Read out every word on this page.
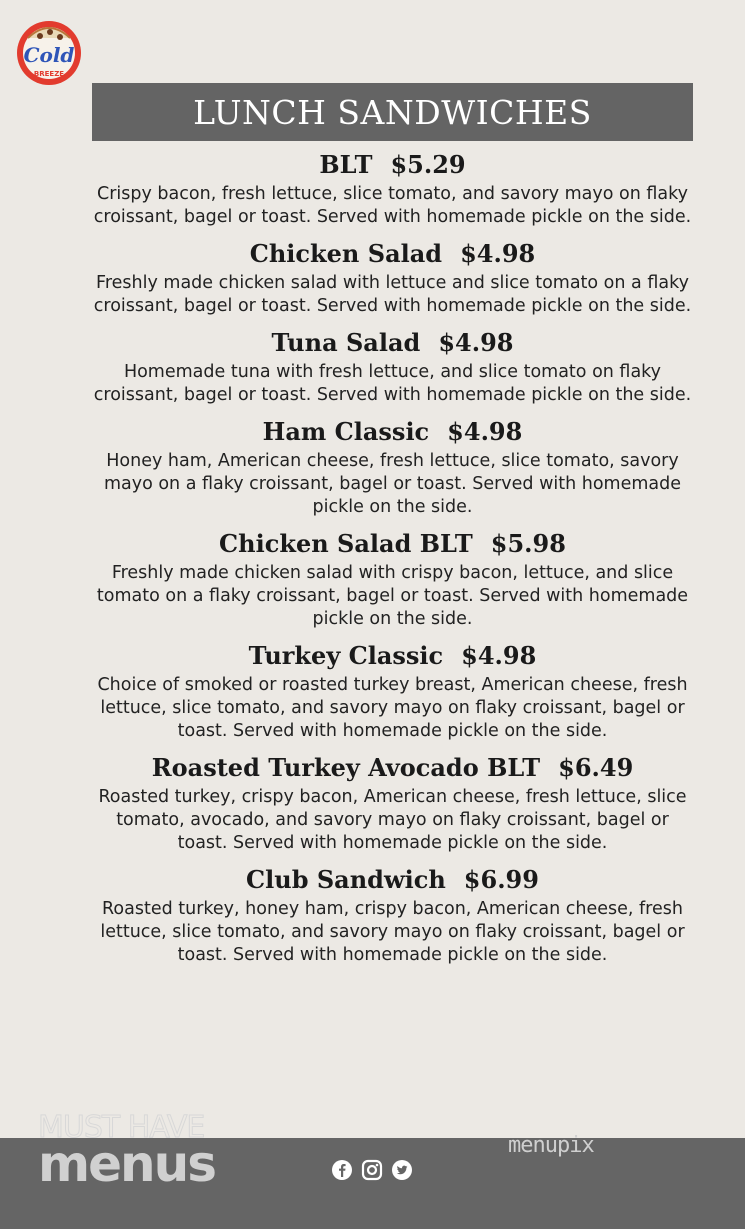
Cold
BREEZE
LUNCH SANDWICHES
BLT $5.29
Crispy bacon, fresh lettuce, slice tomato, and savory mayo on flaky croissant, bagel or toast. Served with homemade pickle on the side.
Chicken Salad $4.98
Freshly made chicken salad with lettuce and slice tomato on a flaky croissant, bagel or toast. Served with homemade pickle on the side.
Tuna Salad $4.98
Homemade tuna with fresh lettuce, and slice tomato on flaky croissant, bagel or toast. Served with homemade pickle on the side.
Ham Classic $4.98
Honey ham, American cheese, fresh lettuce, slice tomato, savory mayo on a flaky croissant, bagel or toast. Served with homemade pickle on the side.
Chicken Salad BLT $5.98
Freshly made chicken salad with crispy bacon, lettuce, and slice tomato on a flaky croissant, bagel or toast. Served with homemade pickle on the side.
Turkey Classic $4.98
Choice of smoked or roasted turkey breast, American cheese, fresh lettuce, slice tomato, and savory mayo on flaky croissant, bagel or toast. Served with homemade pickle on the side.
Roasted Turkey Avocado BLT $6.49
Roasted turkey, crispy bacon, American cheese, fresh lettuce, slice tomato, avocado, and savory mayo on flaky croissant, bagel or toast. Served with homemade pickle on the side.
Club Sandwich $6.99
Roasted turkey, honey ham, crispy bacon, American cheese, fresh lettuce, slice tomato, and savory mayo on flaky croissant, bagel or toast. Served with homemade pickle on the side.
MUST HAVE
menus	menupix
